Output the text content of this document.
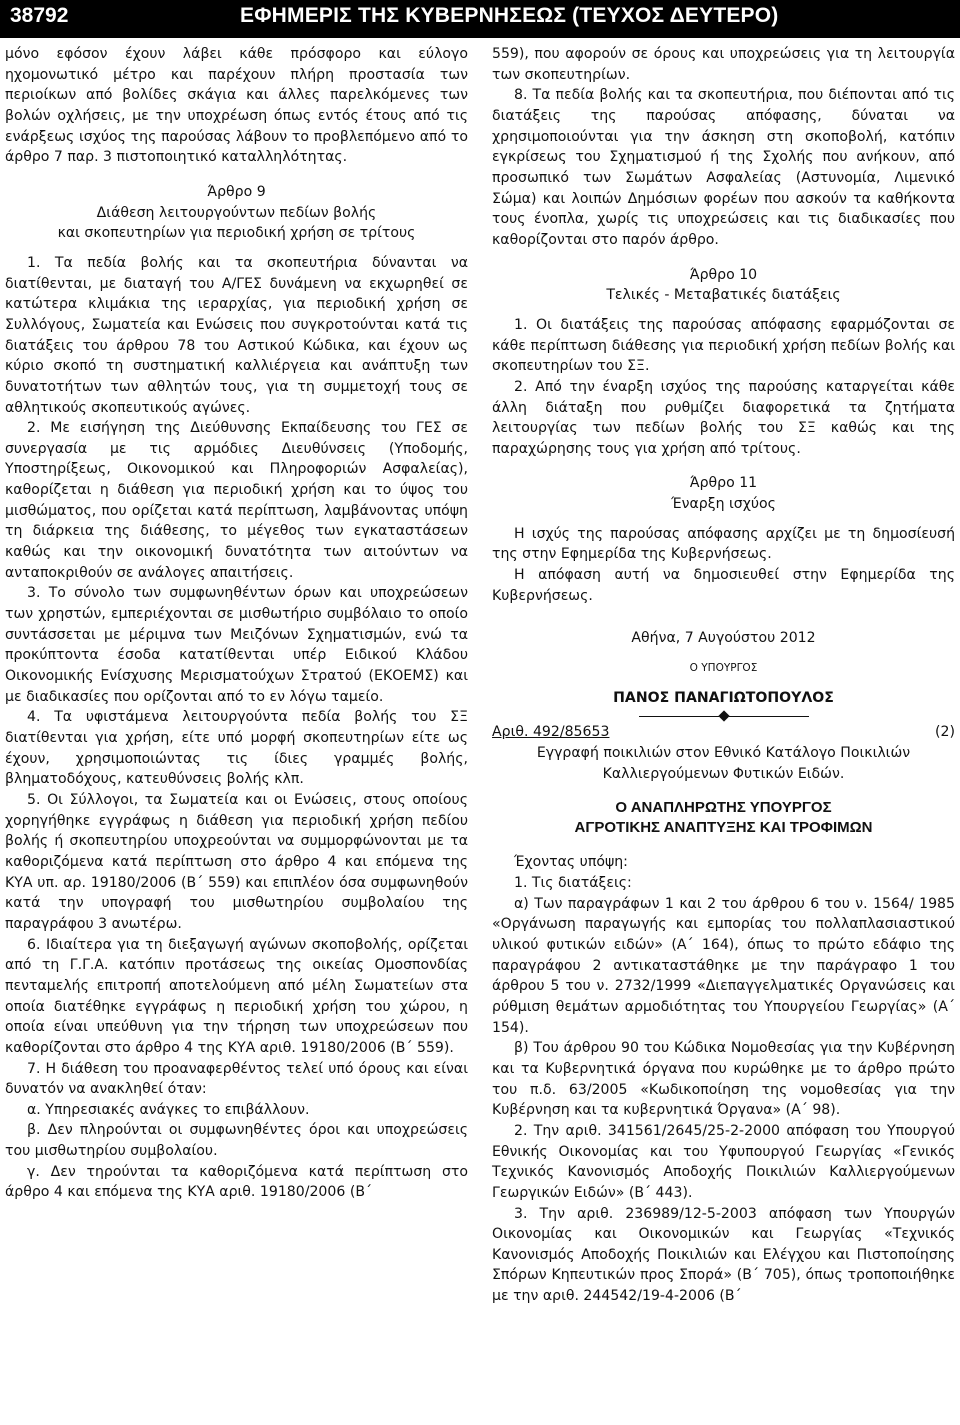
38792	ΕΦΗΜΕΡΙΣ ΤΗΣ ΚΥΒΕΡΝΗΣΕΩΣ (ΤΕΥΧΟΣ ΔΕΥΤΕΡΟ)

μόνο εφόσον έχουν λάβει κάθε πρόσφορο και εύλογο ηχομονωτικό μέτρο και παρέχουν πλήρη προστασία των περιοίκων από βολίδες σκάγια και άλλες παρελκόμενες των βολών οχλήσεις, με την υποχρέωση όπως εντός έτους από τις ενάρξεως ισχύος της παρούσας λάβουν το προβλεπόμενο από το άρθρο 7 παρ. 3 πιστοποιητικό καταλληλότητας.

Άρθρο 9

Διάθεση λειτουργούντων πεδίων βολής

και σκοπευτηρίων για περιοδική χρήση σε τρίτους

1. Τα πεδία βολής και τα σκοπευτήρια δύνανται να διατίθενται, με διαταγή του Α/ΓΕΣ δυνάμενη να εκχωρηθεί σε κατώτερα κλιμάκια της ιεραρχίας, για περιοδική χρήση σε Συλλόγους, Σωματεία και Ενώσεις που συγκροτούνται κατά τις διατάξεις του άρθρου 78 του Αστικού Κώδικα, και έχουν ως κύριο σκοπό τη συστηματική καλλιέργεια και ανάπτυξη των δυνατοτήτων των αθλητών τους, για τη συμμετοχή τους σε αθλητικούς σκοπευτικούς αγώνες.

2. Με εισήγηση της Διεύθυνσης Εκπαίδευσης του ΓΕΣ σε συνεργασία με τις αρμόδιες Διευθύνσεις (Υποδομής, Υποστηρίξεως, Οικονομικού και Πληροφοριών Ασφαλείας), καθορίζεται η διάθεση για περιοδική χρήση και το ύψος του μισθώματος, που ορίζεται κατά περίπτωση, λαμβάνοντας υπόψη τη διάρκεια της διάθεσης, το μέγεθος των εγκαταστάσεων καθώς και την οικονομική δυνατότητα των αιτούντων να ανταποκριθούν σε ανάλογες απαιτήσεις.

3. Το σύνολο των συμφωνηθέντων όρων και υποχρεώσεων των χρηστών, εμπεριέχονται σε μισθωτήριο συμβόλαιο το οποίο συντάσσεται με μέριμνα των Μειζόνων Σχηματισμών, ενώ τα προκύπτοντα έσοδα κατατίθενται υπέρ Ειδικού Κλάδου Οικονομικής Ενίσχυσης Μερισματούχων Στρατού (ΕΚΟΕΜΣ) και με διαδικασίες που ορίζονται από το εν λόγω ταμείο.

4. Τα υφιστάμενα λειτουργούντα πεδία βολής του ΣΞ διατίθενται για χρήση, είτε υπό μορφή σκοπευτηρίων είτε ως έχουν, χρησιμοποιώντας τις ίδιες γραμμές βολής, βληματοδόχους, κατευθύνσεις βολής κλπ.

5. Οι Σύλλογοι, τα Σωματεία και οι Ενώσεις, στους οποίους χορηγήθηκε εγγράφως η διάθεση για περιοδική χρήση πεδίου βολής ή σκοπευτηρίου υποχρεούνται να συμμορφώνονται με τα καθοριζόμενα κατά περίπτωση στο άρθρο 4 και επόμενα της ΚΥΑ υπ. αρ. 19180/2006 (Β΄ 559) και επιπλέον όσα συμφωνηθούν κατά την υπογραφή του μισθωτηρίου συμβολαίου της παραγράφου 3 ανωτέρω.

6. Ιδιαίτερα για τη διεξαγωγή αγώνων σκοποβολής, ορίζεται από τη Γ.Γ.Α. κατόπιν προτάσεως της οικείας Ομοσπονδίας πενταμελής επιτροπή αποτελούμενη από μέλη Σωματείων στα οποία διατέθηκε εγγράφως η περιοδική χρήση του χώρου, η οποία είναι υπεύθυνη για την τήρηση των υποχρεώσεων που καθορίζονται στο άρθρο 4 της ΚΥΑ αριθ. 19180/2006 (Β΄ 559).

7. Η διάθεση του προαναφερθέντος τελεί υπό όρους και είναι δυνατόν να ανακληθεί όταν:

α. Υπηρεσιακές ανάγκες το επιβάλλουν.

β. Δεν πληρούνται οι συμφωνηθέντες όροι και υποχρεώσεις του μισθωτηρίου συμβολαίου.

γ. Δεν τηρούνται τα καθοριζόμενα κατά περίπτωση στο άρθρο 4 και επόμενα της ΚΥΑ αριθ. 19180/2006 (Β΄

559), που αφορούν σε όρους και υποχρεώσεις για τη λειτουργία των σκοπευτηρίων.

8. Τα πεδία βολής και τα σκοπευτήρια, που διέπονται από τις διατάξεις της παρούσας απόφασης, δύναται να χρησιμοποιούνται για την άσκηση στη σκοποβολή, κατόπιν εγκρίσεως του Σχηματισμού ή της Σχολής που ανήκουν, από προσωπικό των Σωμάτων Ασφαλείας (Αστυνομία, Λιμενικό Σώμα) και λοιπών Δημόσιων φορέων που ασκούν τα καθήκοντα τους ένοπλα, χωρίς τις υποχρεώσεις και τις διαδικασίες που καθορίζονται στο παρόν άρθρο.

Άρθρο 10

Τελικές - Μεταβατικές διατάξεις

1. Οι διατάξεις της παρούσας απόφασης εφαρμόζονται σε κάθε περίπτωση διάθεσης για περιοδική χρήση πεδίων βολής και σκοπευτηρίων του ΣΞ.

2. Από την έναρξη ισχύος της παρούσης καταργείται κάθε άλλη διάταξη που ρυθμίζει διαφορετικά τα ζητήματα λειτουργίας των πεδίων βολής του ΣΞ καθώς και της παραχώρησης τους για χρήση από τρίτους.

Άρθρο 11

Έναρξη ισχύος

Η ισχύς της παρούσας απόφασης αρχίζει με τη δημοσίευσή της στην Εφημερίδα της Κυβερνήσεως.

Η απόφαση αυτή να δημοσιευθεί στην Εφημερίδα της Κυβερνήσεως.

Αθήνα, 7 Αυγούστου 2012

Ο ΥΠΟΥΡΓΟΣ

ΠΑΝΟΣ ΠΑΝΑΓΙΩΤΟΠΟΥΛΟΣ

Αριθ. 492/85653	(2)

Εγγραφή ποικιλιών στον Εθνικό Κατάλογο Ποικιλιών Καλλιεργούμενων Φυτικών Ειδών.

Ο ΑΝΑΠΛΗΡΩΤΗΣ ΥΠΟΥΡΓΟΣ

ΑΓΡΟΤΙΚΗΣ ΑΝΑΠΤΥΞΗΣ ΚΑΙ ΤΡΟΦΙΜΩΝ

Έχοντας υπόψη:

1. Τις διατάξεις:

α) Των παραγράφων 1 και 2 του άρθρου 6 του ν. 1564/ 1985 «Οργάνωση παραγωγής και εμπορίας του πολλαπλασιαστικού υλικού φυτικών ειδών» (Α΄ 164), όπως το πρώτο εδάφιο της παραγράφου 2 αντικαταστάθηκε με την παράγραφο 1 του άρθρου 5 του ν. 2732/1999 «Διεπαγγελματικές Οργανώσεις και ρύθμιση θεμάτων αρμοδιότητας του Υπουργείου Γεωργίας» (Α΄ 154).

β) Του άρθρου 90 του Κώδικα Νομοθεσίας για την Κυβέρνηση και τα Κυβερνητικά όργανα που κυρώθηκε με το άρθρο πρώτο του π.δ. 63/2005 «Κωδικοποίηση της νομοθεσίας για την Κυβέρνηση και τα κυβερνητικά Όργανα» (Α΄ 98).

2. Την αριθ. 341561/2645/25-2-2000 απόφαση του Υπουργού Εθνικής Οικονομίας και του Υφυπουργού Γεωργίας «Γενικός Τεχνικός Κανονισμός Αποδοχής Ποικιλιών Καλλιεργούμενων Γεωργικών Ειδών» (Β΄ 443).

3. Την αριθ. 236989/12-5-2003 απόφαση των Υπουργών Οικονομίας και Οικονομικών και Γεωργίας «Τεχνικός Κανονισμός Αποδοχής Ποικιλιών και Ελέγχου και Πιστοποίησης Σπόρων Κηπευτικών προς Σπορά» (Β΄ 705), όπως τροποποιήθηκε με την αριθ. 244542/19-4-2006 (Β΄
